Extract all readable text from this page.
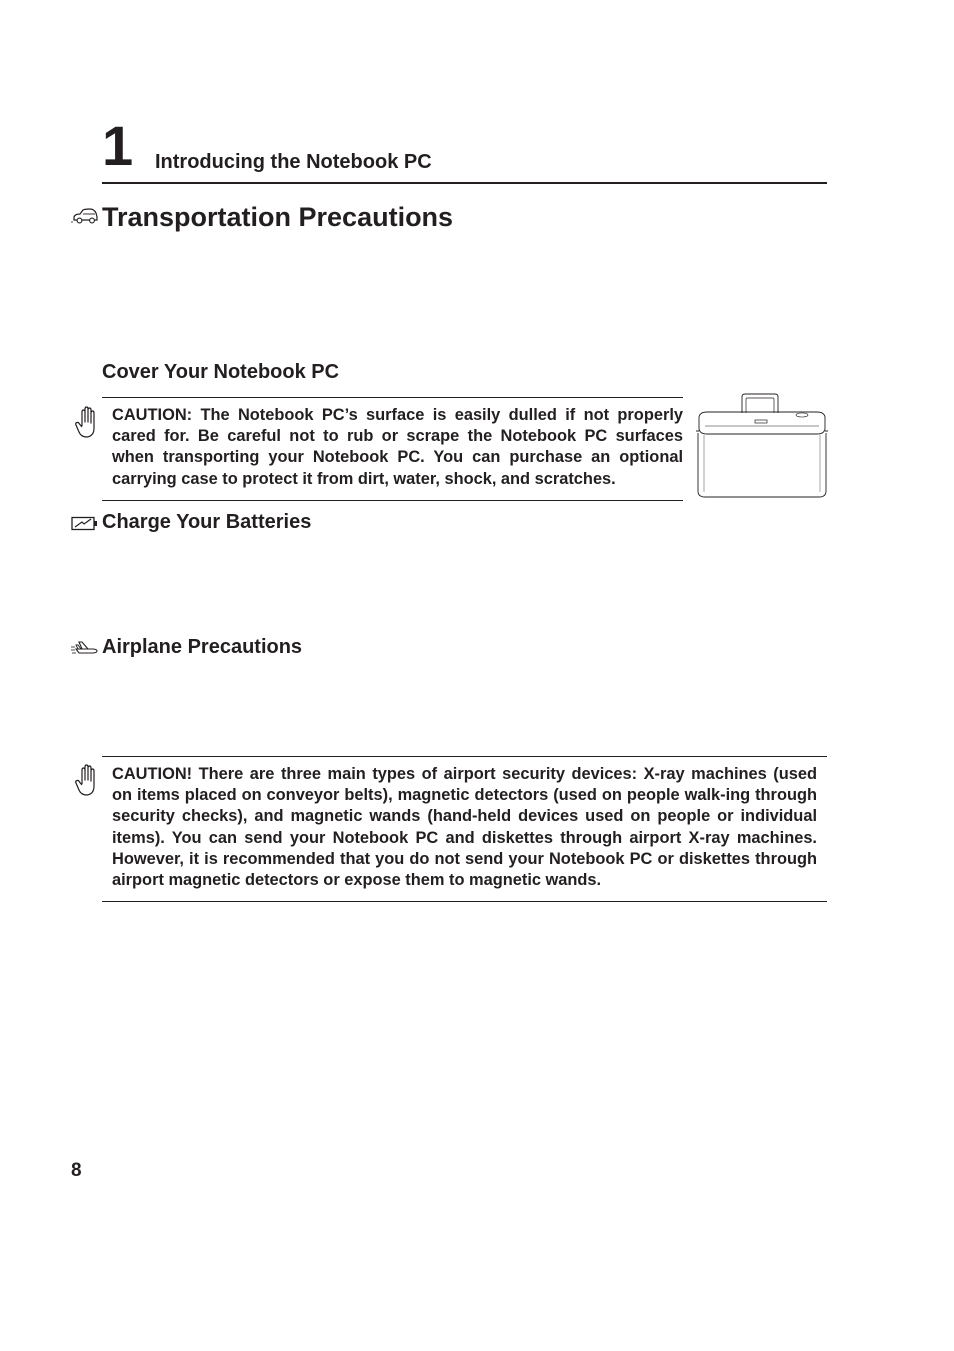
1 Introducing the Notebook PC
Transportation Precautions
Cover Your Notebook PC
CAUTION: The Notebook PC’s surface is easily dulled if not properly cared for. Be careful not to rub or scrape the Notebook PC surfaces when transporting your Notebook PC. You can purchase an optional carrying case to protect it from dirt, water, shock, and scratches.
Charge Your Batteries
Airplane Precautions
CAUTION! There are three main types of airport security devices: X-ray machines (used on items placed on conveyor belts), magnetic detectors (used on people walk-ing through security checks), and magnetic wands (hand-held devices used on people or individual items). You can send your Notebook PC and diskettes through airport X-ray machines. However, it is recommended that you do not send your Notebook PC or diskettes through airport magnetic detectors or expose them to magnetic wands.
8
